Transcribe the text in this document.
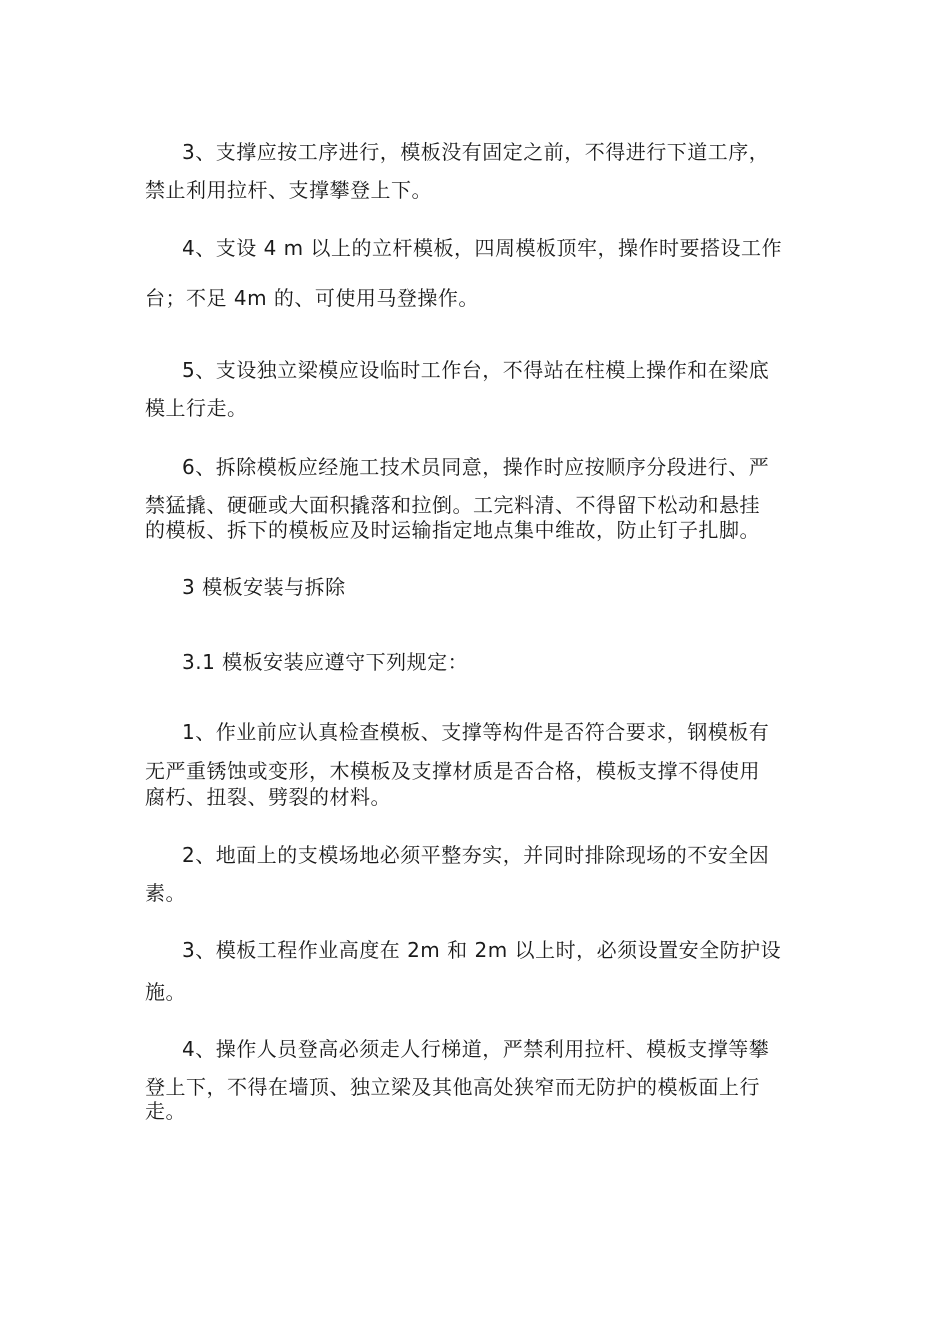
3、支撑应按工序进行，模板没有固定之前，不得进行下道工序，
禁止利用拉杆、支撑攀登上下。
4、支设 4 m 以上的立杆模板，四周模板顶牢，操作时要搭设工作
台；不足 4m 的、可使用马登操作。
5、支设独立梁模应设临时工作台，不得站在柱模上操作和在梁底
模上行走。
6、拆除模板应经施工技术员同意，操作时应按顺序分段进行、严
禁猛撬、硬砸或大面积撬落和拉倒。工完料清、不得留下松动和悬挂
的模板、拆下的模板应及时运输指定地点集中维故，防止钉子扎脚。
3 模板安装与拆除
3.1 模板安装应遵守下列规定：
1、作业前应认真检查模板、支撑等构件是否符合要求，钢模板有
无严重锈蚀或变形，木模板及支撑材质是否合格，模板支撑不得使用
腐朽、扭裂、劈裂的材料。
2、地面上的支模场地必须平整夯实，并同时排除现场的不安全因
素。
3、模板工程作业高度在 2m 和 2m 以上时，必须设置安全防护设
施。
4、操作人员登高必须走人行梯道，严禁利用拉杆、模板支撑等攀
登上下，不得在墙顶、独立梁及其他高处狭窄而无防护的模板面上行
走。
